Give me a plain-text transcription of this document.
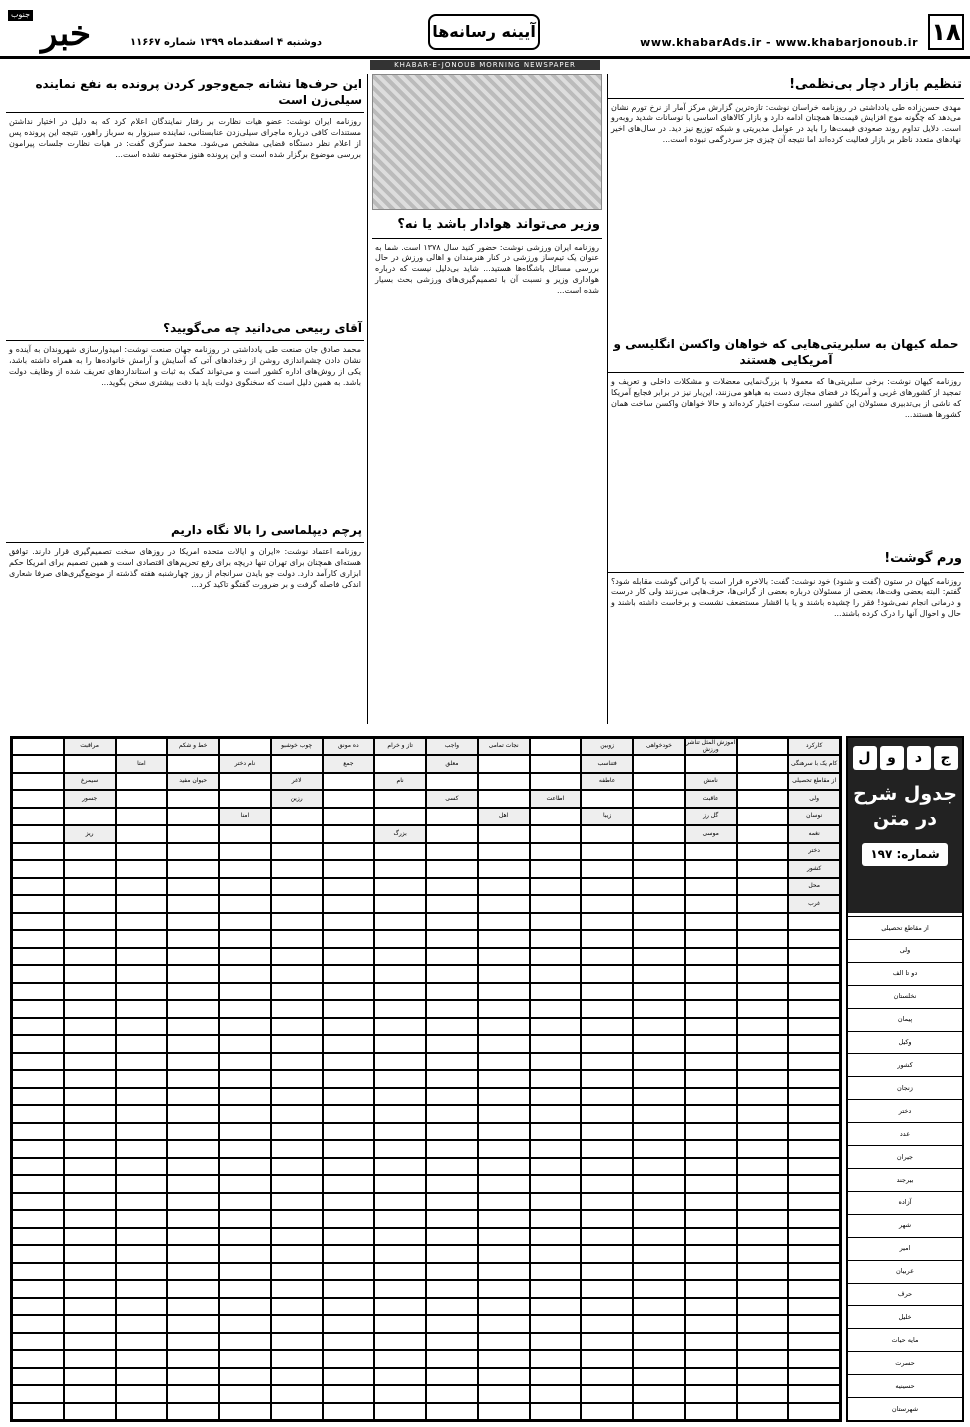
۱۸
www.khabarAds.ir - www.khabarjonoub.ir
آیینه رسانه‌ها
دوشنبه ۴ اسفندماه ۱۳۹۹ شماره ۱۱۶۶۷
خبر
جنوب
KHABAR-E-JONOUB MORNING NEWSPAPER
تنظیم بازار دچار بی‌نظمی!
مهدی حسن‌زاده طی یادداشتی در روزنامه خراسان نوشت: تازه‌ترین گزارش مرکز آمار از نرخ تورم نشان می‌دهد که چگونه موج افزایش قیمت‌ها همچنان ادامه دارد و بازار کالاهای اساسی با نوسانات شدید روبه‌رو است. دلایل تداوم روند صعودی قیمت‌ها را باید در عوامل مدیریتی و شبکه توزیع نیز دید. در سال‌های اخیر نهادهای متعدد ناظر بر بازار فعالیت کرده‌اند اما نتیجه آن چیزی جز سردرگمی نبوده است...
حمله کیهان به سلبریتی‌هایی که خواهان واکسن انگلیسی و آمریکایی هستند
روزنامه کیهان نوشت: برخی سلبریتی‌ها که معمولا با بزرگ‌نمایی معضلات و مشکلات داخلی و تعریف و تمجید از کشورهای غربی و آمریکا در فضای مجازی دست به هیاهو می‌زنند، این‌بار نیز در برابر فجایع آمریکا که ناشی از بی‌تدبیری مسئولان این کشور است، سکوت اختیار کرده‌اند و حالا خواهان واکسن ساخت همان کشورها هستند...
ورم گوشت!
روزنامه کیهان در ستون (گفت و شنود) خود نوشت: گفت: بالاخره قرار است با گرانی گوشت مقابله شود؟ گفتم: البته بعضی وقت‌ها، بعضی از مسئولان درباره بعضی از گرانی‌ها، حرف‌هایی می‌زنند ولی کار درست و درمانی انجام نمی‌شود! فقر را چشیده باشند و یا با اقشار مستضعف نشست و برخاست داشته باشند و حال و احوال آنها را درک کرده باشند...
وزیر می‌تواند هوادار باشد یا نه؟
روزنامه ایران ورزشی نوشت: حضور کنید سال ۱۳۷۸ است. شما به عنوان یک تیم‌ساز ورزشی در کنار هنرمندان و اهالی ورزش در حال بررسی مسائل باشگاه‌ها هستید... شاید بی‌دلیل نیست که درباره هواداری وزیر و نسبت آن با تصمیم‌گیری‌های ورزشی بحث بسیار شده است...
این حرف‌ها نشانه جمع‌وجور کردن پرونده به نفع نماینده سیلی‌زن است
روزنامه ایران نوشت: عضو هیات نظارت بر رفتار نمایندگان اعلام کرد که به دلیل در اختیار نداشتن مستندات کافی درباره ماجرای سیلی‌زدن عنابستانی، نماینده سبزوار به سرباز راهور، نتیجه این پرونده پس از اعلام نظر دستگاه قضایی مشخص می‌شود. محمد سرگزی گفت: در هیات نظارت جلسات پیرامون بررسی موضوع برگزار شده است و این پرونده هنوز مختومه نشده است...
آقای ربیعی می‌دانید چه می‌گویید؟
محمد صادق جان صنعت طی یادداشتی در روزنامه جهان صنعت نوشت: امیدوارسازی شهروندان به آینده و نشان دادن چشم‌اندازی روشن از رخدادهای آتی که آسایش و آرامش خانواده‌ها را به همراه داشته باشد، یکی از روش‌های اداره کشور است و می‌تواند کمک به ثبات و استانداردهای تعریف شده از وظایف دولت باشد. به همین دلیل است که سخنگوی دولت باید با دقت بیشتری سخن بگوید...
پرچم دیپلماسی را بالا نگاه داریم
روزنامه اعتماد نوشت: «ایران و ایالات متحده امریکا در روزهای سخت تصمیم‌گیری قرار دارند. توافق هسته‌ای همچنان برای تهران تنها دریچه برای رفع تحریم‌های اقتصادی است و همین تصمیم برای امریکا حکم ابزاری کارآمد دارد. دولت جو بایدن سرانجام از روز چهارشنبه هفته گذشته از موضع‌گیری‌های صرفا شعاری اندکی فاصله گرفت و بر ضرورت گفتگو تاکید کرد...
کارکرد
آموزش المثل تناشر ورزش
خودخواهی
زوبین
نجات تمامی
واجب
تاز و خرام
ده مونق
چوب خوشبو
خط و شکم
مراقبت
کام یک با سرهنگی
فتناسب
معلق
جمع
نام دختر
امتا
از مقاطع تحصیلی
نامش
عاطفه
نام
لاغر
حیوان مفید
سیمرغ
ولی
عاقبت
اطاعت
کسی
رزین
جسور
نوسان
گل رز
زیبا
اهل
امنا
نغمه
موسی
بزرگ
ریز
دختر
کشور
محل
غرب
ج
د
و
ل
جدول شرح در متن
شماره: ۱۹۷
از مقاطع تحصیلی
ولی
دو تا الف
نخلستان
پیمان
وکیل
کشور
زنجان
دختر
عدد
جیران
بیرجند
آزاده
شهر
امیر
عربیان
حرف
خلیل
مایه حیات
حسرت
حسینیه
شهرستان
